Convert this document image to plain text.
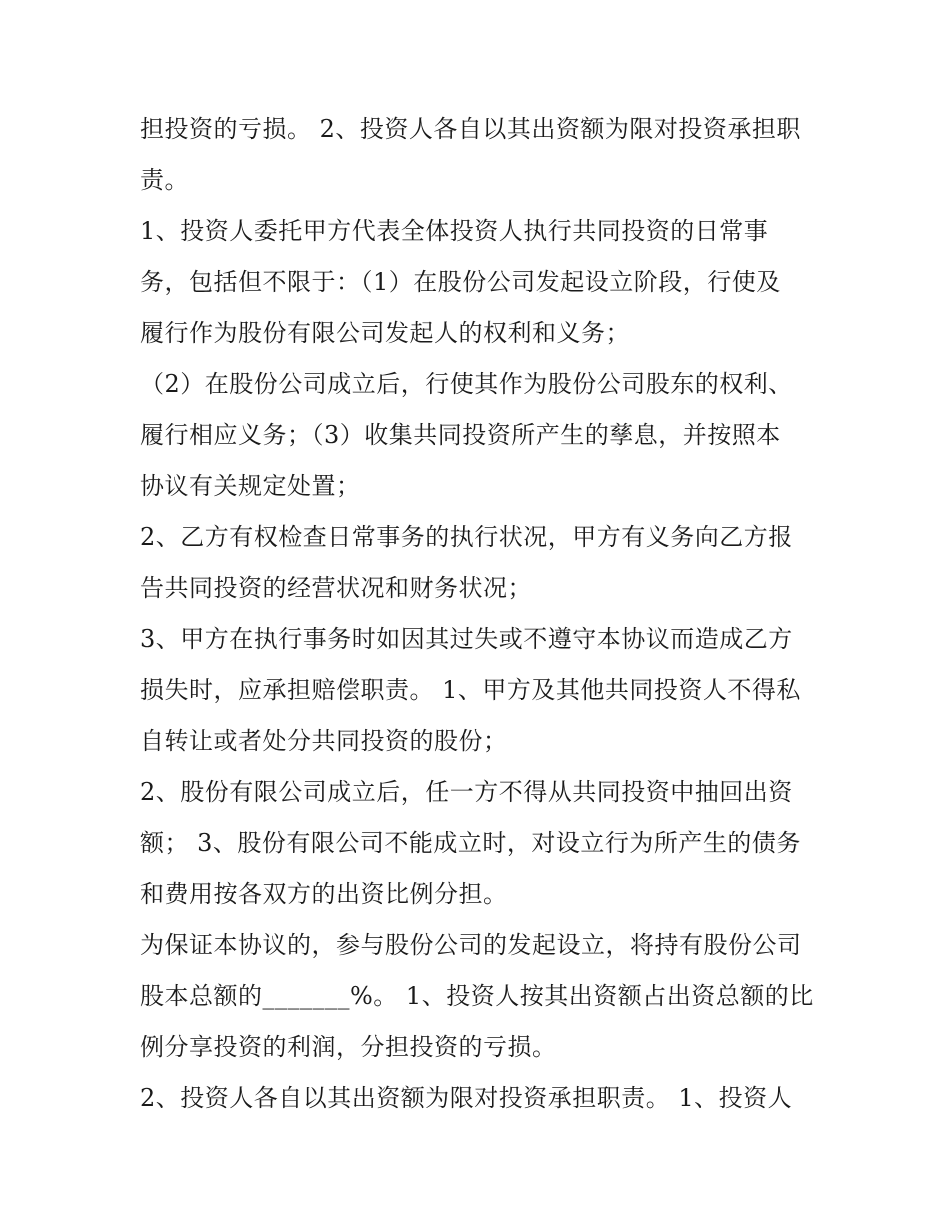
担投资的亏损。 2、投资人各自以其出资额为限对投资承担职
责。
1、投资人委托甲方代表全体投资人执行共同投资的日常事
务，包括但不限于：（1）在股份公司发起设立阶段，行使及
履行作为股份有限公司发起人的权利和义务；
（2）在股份公司成立后，行使其作为股份公司股东的权利、
履行相应义务；（3）收集共同投资所产生的孳息，并按照本
协议有关规定处置；
2、乙方有权检查日常事务的执行状况，甲方有义务向乙方报
告共同投资的经营状况和财务状况；
3、甲方在执行事务时如因其过失或不遵守本协议而造成乙方
损失时，应承担赔偿职责。 1、甲方及其他共同投资人不得私
自转让或者处分共同投资的股份；
2、股份有限公司成立后，任一方不得从共同投资中抽回出资
额； 3、股份有限公司不能成立时，对设立行为所产生的债务
和费用按各双方的出资比例分担。
为保证本协议的，参与股份公司的发起设立，将持有股份公司
股本总额的_______%。 1、投资人按其出资额占出资总额的比
例分享投资的利润，分担投资的亏损。
2、投资人各自以其出资额为限对投资承担职责。 1、投资人
